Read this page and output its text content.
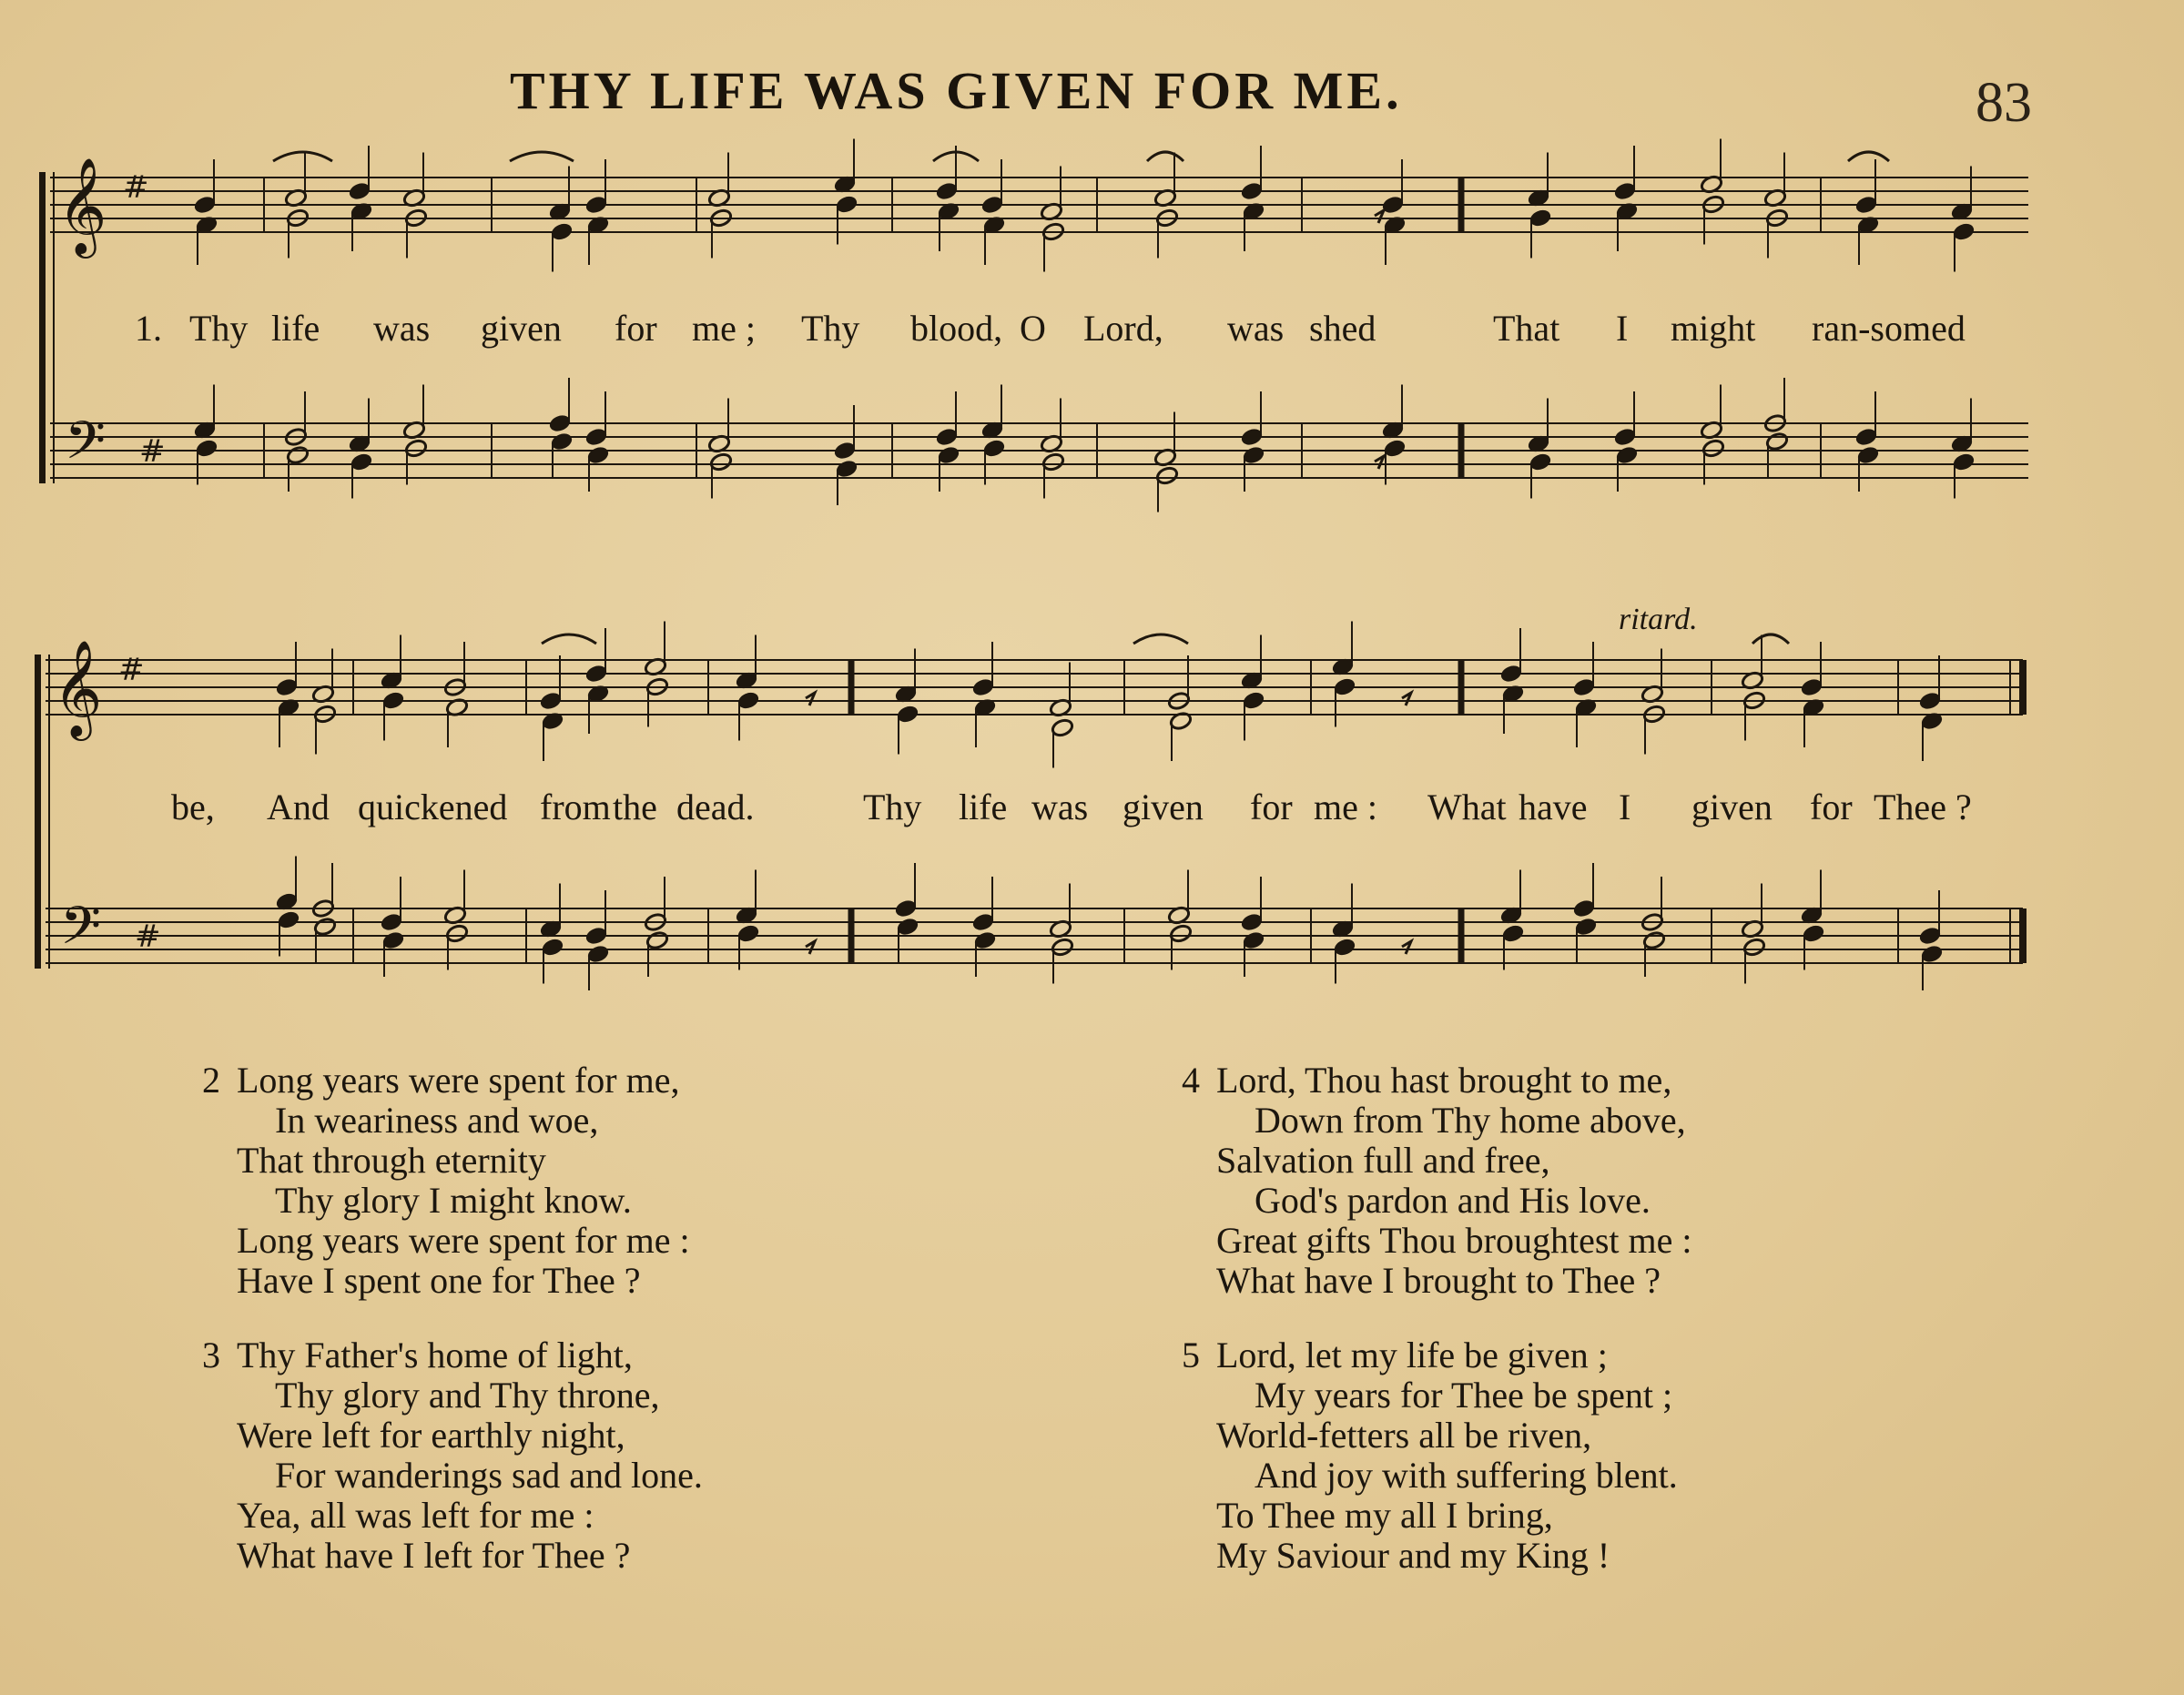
THY LIFE WAS GIVEN FOR ME.	83
𝄞 #
𝄢 #
𝄞 #
𝄢 #
ritard.
1. Thy life was given for me ; Thy blood, O Lord, was shed	That I might ran-somed
be, And quickened from the dead.	Thy life was given for me : What have I given for Thee ?
2 Long years were spent for me,
In weariness and woe,
That through eternity
Thy glory I might know.
Long years were spent for me :
Have I spent one for Thee ?
3 Thy Father's home of light,
Thy glory and Thy throne,
Were left for earthly night,
For wanderings sad and lone.
Yea, all was left for me :
What have I left for Thee ?
4 Lord, Thou hast brought to me,
Down from Thy home above,
Salvation full and free,
God's pardon and His love.
Great gifts Thou broughtest me :
What have I brought to Thee ?
5 Lord, let my life be given ;
My years for Thee be spent ;
World-fetters all be riven,
And joy with suffering blent.
To Thee my all I bring,
My Saviour and my King !
